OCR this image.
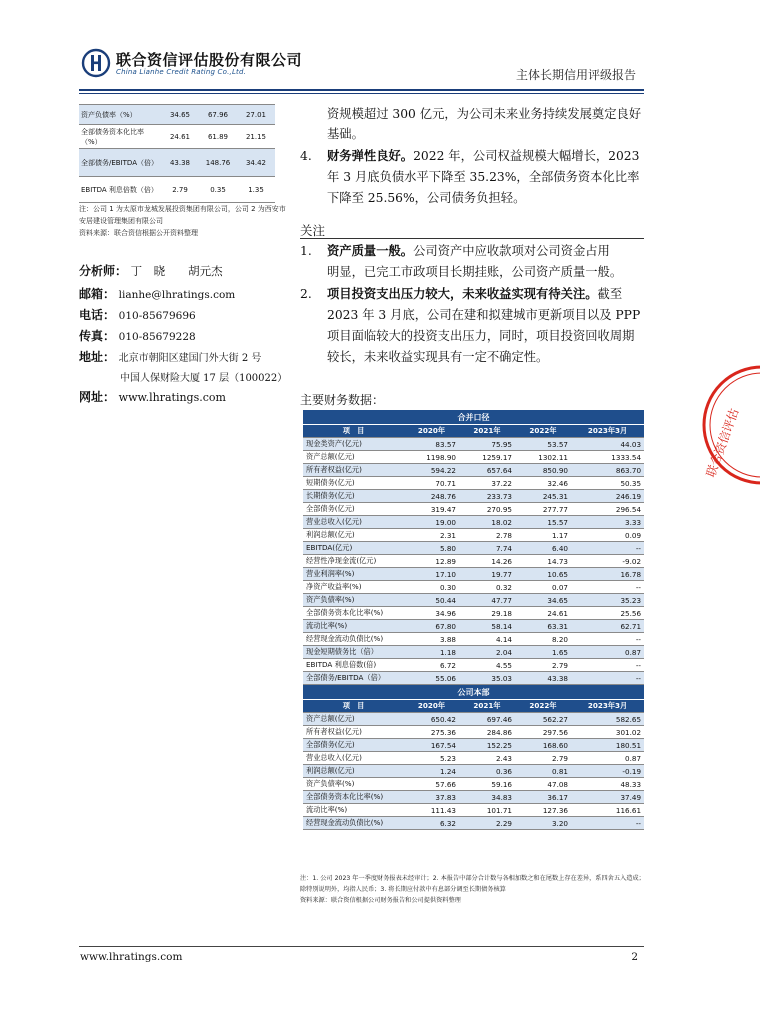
联合资信评估股份有限公司
China Lianhe Credit Rating Co.,Ltd.	主体长期信用评级报告
资产负债率（%）	34.65	67.96	27.01
全部债务资本化比率（%）	24.61	61.89	21.15
全部债务/EBITDA（倍）	43.38	148.76	34.42
EBITDA 利息倍数（倍）	2.79	0.35	1.35
注：公司 1 为太原市龙城发展投资集团有限公司，公司 2 为西安市安居建设管理集团有限公司
资料来源：联合资信根据公开资料整理
分析师： 丁　晓　　胡元杰
邮箱： lianhe@lhratings.com
电话： 010-85679696
传真： 010-85679228
地址： 北京市朝阳区建国门外大街 2 号
中国人保财险大厦 17 层（100022）
网址： www.lhratings.com
资规模超过 300 亿元，为公司未来业务持续发展奠定良好
基础。
4. 财务弹性良好。2022 年，公司权益规模大幅增长，2023
年 3 月底负债水平下降至 35.23%，全部债务资本化比率
下降至 25.56%，公司债务负担轻。
关注
1. 资产质量一般。公司资产中应收款项对公司资金占用
明显，已完工市政项目长期挂账，公司资产质量一般。
2. 项目投资支出压力较大，未来收益实现有待关注。截至
2023 年 3 月底，公司在建和拟建城市更新项目以及 PPP
项目面临较大的投资支出压力，同时，项目投资回收周期
较长，未来收益实现具有一定不确定性。
主要财务数据：
合并口径				
项　目	2020年	2021年	2022年	2023年3月
现金类资产(亿元)	83.57	75.95	53.57	44.03
资产总额(亿元)	1198.90	1259.17	1302.11	1333.54
所有者权益(亿元)	594.22	657.64	850.90	863.70
短期债务(亿元)	70.71	37.22	32.46	50.35
长期债务(亿元)	248.76	233.73	245.31	246.19
全部债务(亿元)	319.47	270.95	277.77	296.54
营业总收入(亿元)	19.00	18.02	15.57	3.33
利润总额(亿元)	2.31	2.78	1.17	0.09
EBITDA(亿元)	5.80	7.74	6.40	--
经营性净现金流(亿元)	12.89	14.26	14.73	-9.02
营业利润率(%)	17.10	19.77	10.65	16.78
净资产收益率(%)	0.30	0.32	0.07	--
资产负债率(%)	50.44	47.77	34.65	35.23
全部债务资本化比率(%)	34.96	29.18	24.61	25.56
流动比率(%)	67.80	58.14	63.31	62.71
经营现金流动负债比(%)	3.88	4.14	8.20	--
现金短期债务比（倍）	1.18	2.04	1.65	0.87
EBITDA 利息倍数(倍)	6.72	4.55	2.79	--
全部债务/EBITDA（倍）	55.06	35.03	43.38	--
公司本部				
项　目	2020年	2021年	2022年	2023年3月
资产总额(亿元)	650.42	697.46	562.27	582.65
所有者权益(亿元)	275.36	284.86	297.56	301.02
全部债务(亿元)	167.54	152.25	168.60	180.51
营业总收入(亿元)	5.23	2.43	2.79	0.87
利润总额(亿元)	1.24	0.36	0.81	-0.19
资产负债率(%)	57.66	59.16	47.08	48.33
全部债务资本化比率(%)	37.83	34.83	36.17	37.49
流动比率(%)	111.43	101.71	127.36	116.61
经营现金流动负债比(%)	6.32	2.29	3.20	--
注：1. 公司 2023 年一季度财务报表未经审计；2. 本报告中部分合计数与各相加数之和在尾数上存在差异，系四舍五入造成；除特别说明外，均指人民币；3. 将长期应付款中有息部分调至长期债务核算
资料来源：联合资信根据公司财务报告和公司提供资料整理
联合资信评估
www.lhratings.com	2
